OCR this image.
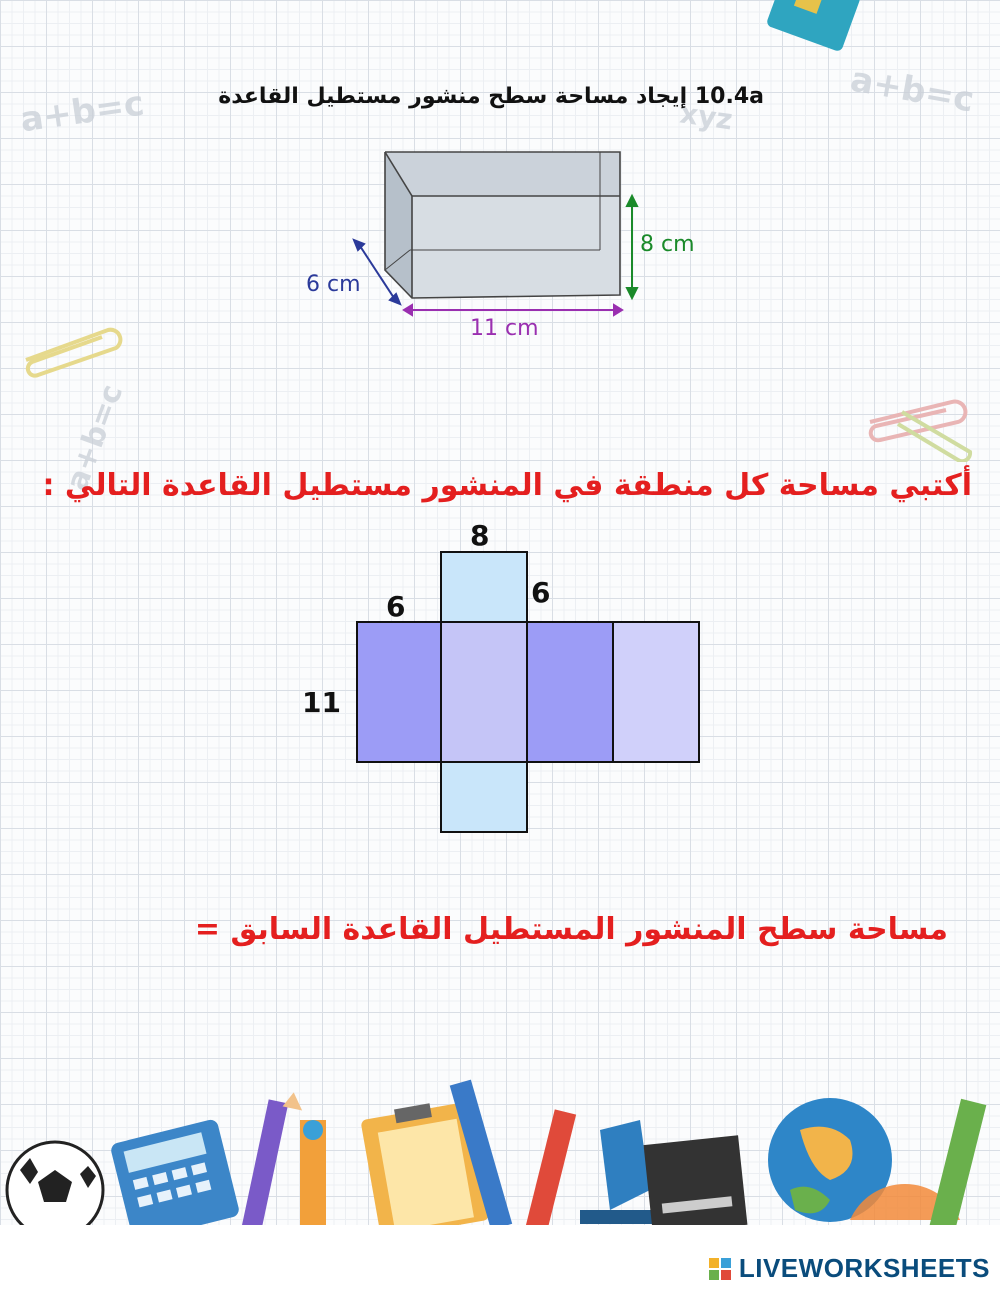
a+b=c	a+b=c
a+b=c
xyz
10.4a إيجاد مساحة سطح منشور مستطيل القاعدة
8 cm
6 cm
11 cm
أكتبي مساحة كل منطقة في المنشور مستطيل القاعدة التالي :
8
6
6
11
مساحة سطح المنشور المستطيل القاعدة السابق =
LIVEWORKSHEETS
